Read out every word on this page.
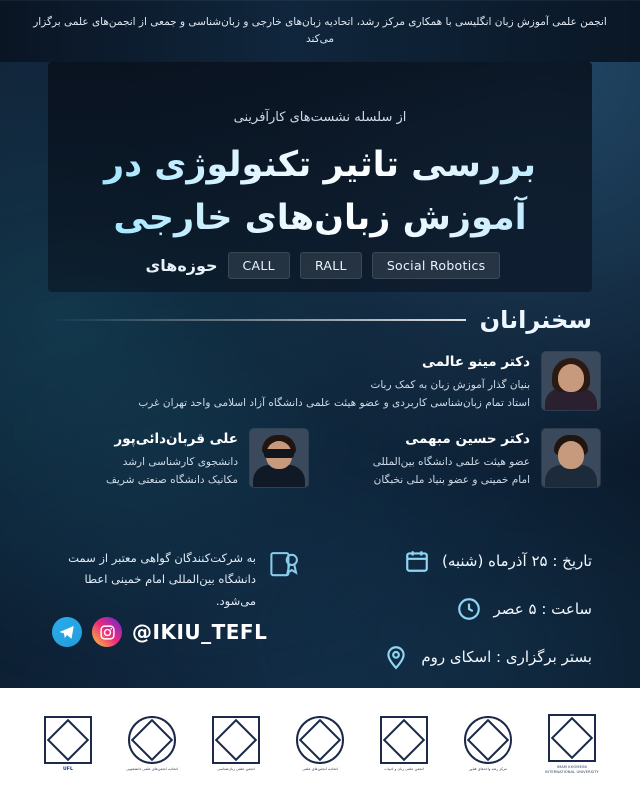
انجمن علمی آموزش زبان انگلیسی با همکاری مرکز رشد، اتحادیه زبان‌های خارجی و زبان‌شناسی و جمعی از انجمن‌های علمی برگزار می‌کند
از سلسله نشست‌های کارآفرینی
بررسی تاثیر تکنولوژی در
آموزش زبان‌های خارجی
Social Robotics
RALL
CALL
حوزه‌های
سخنرانان
دکتر مینو عالمی
بنیان گذار آموزش زبان به کمک ربات
استاد تمام زبان‌شناسی کاربردی و عضو هیئت علمی دانشگاه آزاد اسلامی واحد تهران غرب
دکتر حسین مبهمی
عضو هیئت علمی دانشگاه بین‌المللی
امام خمینی و عضو بنیاد ملی نخبگان
علی قربان‌دائی‌پور
دانشجوی کارشناسی ارشد
مکانیک دانشگاه صنعتی شریف
به شرکت‌کنندگان گواهی معتبر از سمت
دانشگاه بین‌المللی امام خمینی اعطا می‌شود.
@IKIU_TEFL
تاریخ : ۲۵ آذرماه (شنبه)
ساعت : ۵ عصر
بستر برگزاری : اسکای روم
IMAM KHOMEINI INTERNATIONAL UNIVERSITY
مرکز رشد واحدهای فناور
انجمن علمی زبان و ادبیات
اتحادیه انجمن‌های علمی
انجمن علمی زبان‌شناسی
اتحادیه انجمن‌های علمی دانشجویی
UFL
